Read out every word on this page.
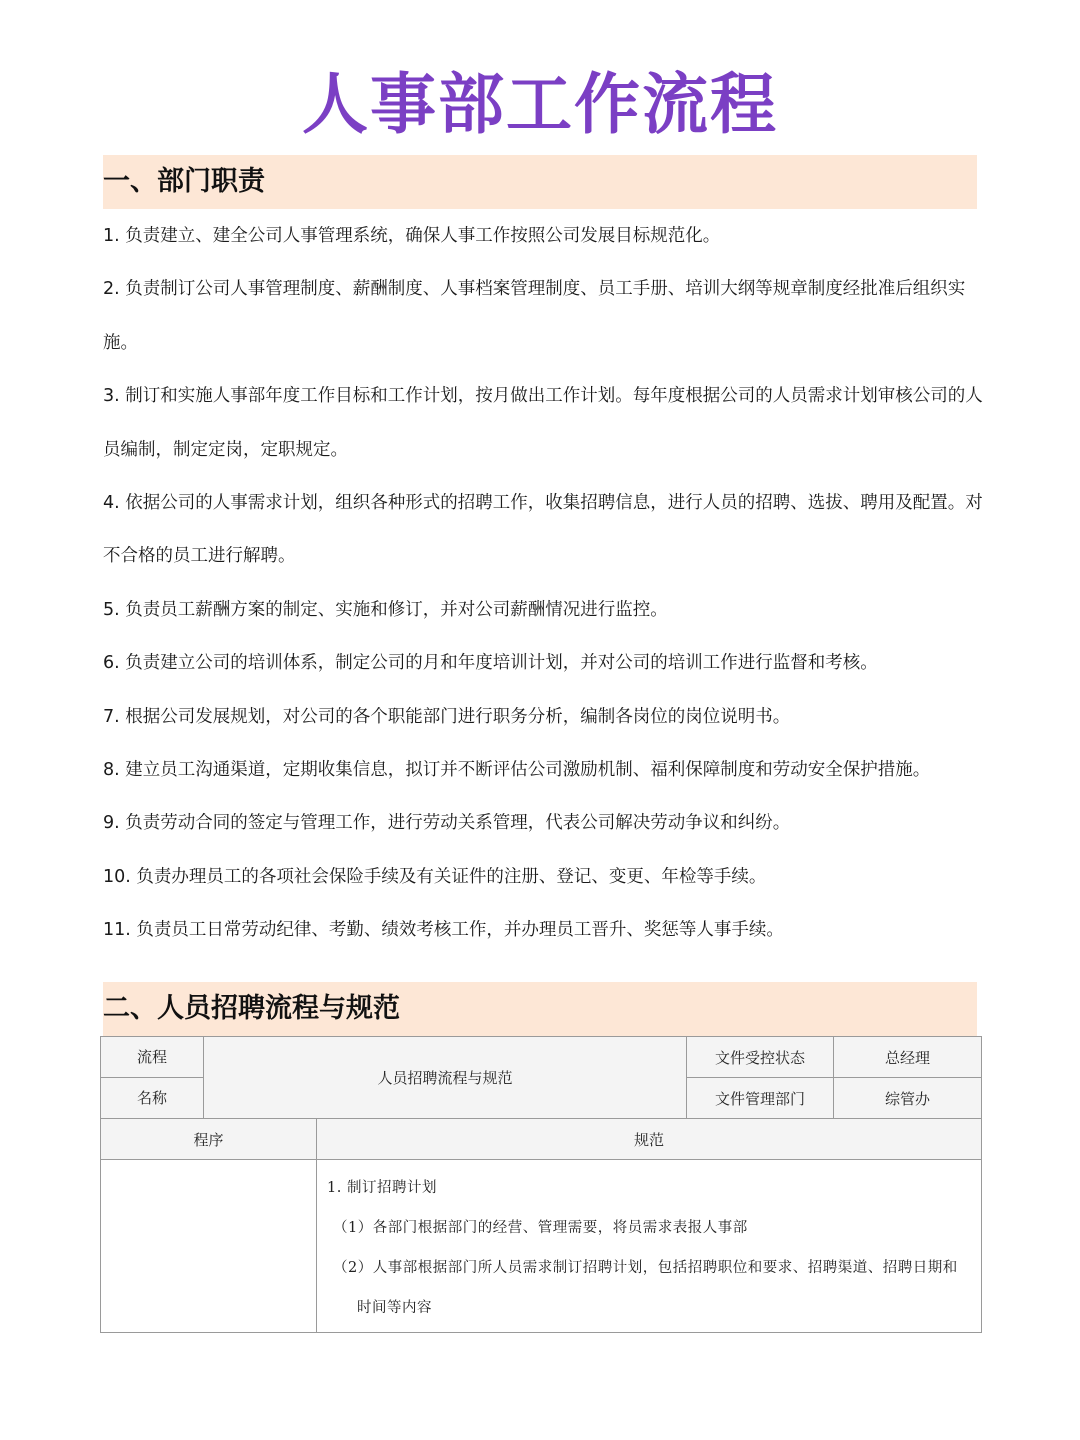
人事部工作流程
一、部门职责
1. 负责建立、建全公司人事管理系统，确保人事工作按照公司发展目标规范化。
2. 负责制订公司人事管理制度、薪酬制度、人事档案管理制度、员工手册、培训大纲等规章制度经批准后组织实施。
3. 制订和实施人事部年度工作目标和工作计划，按月做出工作计划。每年度根据公司的人员需求计划审核公司的人员编制，制定定岗，定职规定。
4. 依据公司的人事需求计划，组织各种形式的招聘工作，收集招聘信息，进行人员的招聘、选拔、聘用及配置。对不合格的员工进行解聘。
5. 负责员工薪酬方案的制定、实施和修订，并对公司薪酬情况进行监控。
6. 负责建立公司的培训体系，制定公司的月和年度培训计划，并对公司的培训工作进行监督和考核。
7. 根据公司发展规划，对公司的各个职能部门进行职务分析，编制各岗位的岗位说明书。
8. 建立员工沟通渠道，定期收集信息，拟订并不断评估公司激励机制、福利保障制度和劳动安全保护措施。
9. 负责劳动合同的签定与管理工作，进行劳动关系管理，代表公司解决劳动争议和纠纷。
10. 负责办理员工的各项社会保险手续及有关证件的注册、登记、变更、年检等手续。
11. 负责员工日常劳动纪律、考勤、绩效考核工作，并办理员工晋升、奖惩等人事手续。
二、人员招聘流程与规范
流程	人员招聘流程与规范		文件受控状态	总经理

名称			文件管理部门	综管办
程序		规范		

		1. 制订招聘计划

（1）各部门根据部门的经营、管理需要，将员需求表报人事部

（2）人事部根据部门所人员需求制订招聘计划，包括招聘职位和要求、招聘渠道、招聘日期和

时间等内容		
